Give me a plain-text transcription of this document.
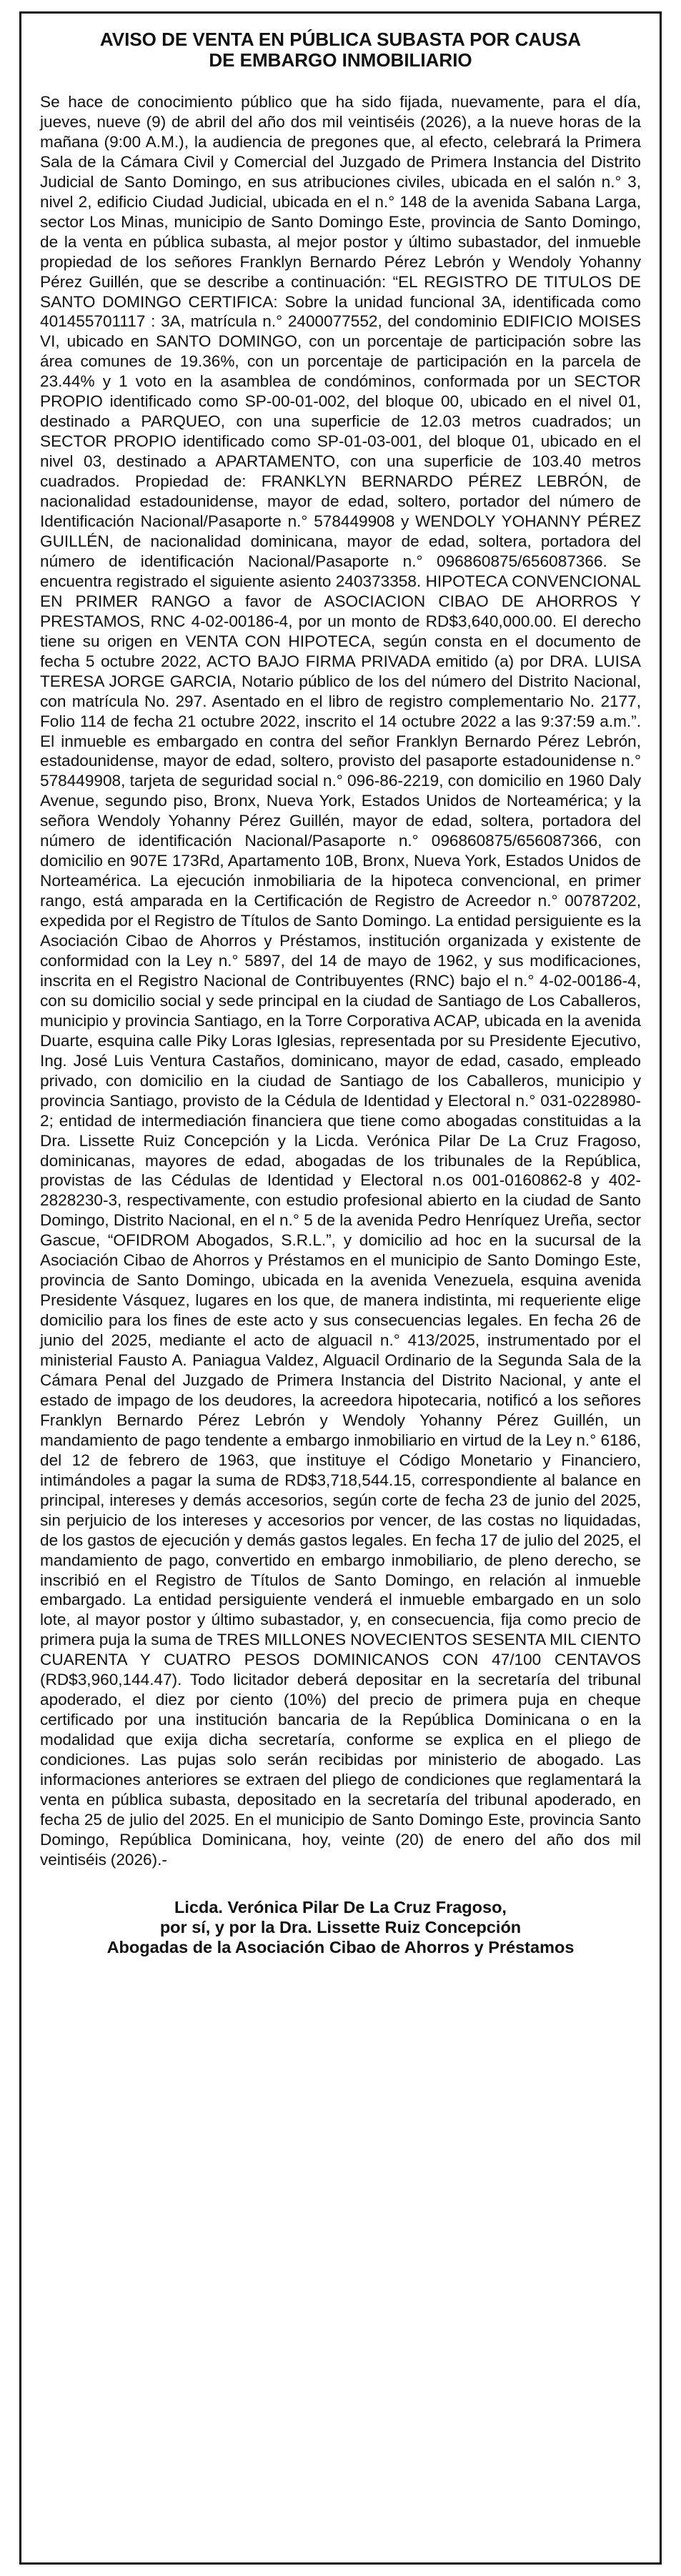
AVISO DE VENTA EN PÚBLICA SUBASTA POR CAUSA
DE EMBARGO INMOBILIARIO

Se hace de conocimiento público que ha sido fijada, nuevamente, para el día, jueves, nueve (9) de abril del año dos mil veintiséis (2026), a la nueve horas de la mañana (9:00 A.M.), la audiencia de pregones que, al efecto, celebrará la Primera Sala de la Cámara Civil y Comercial del Juzgado de Primera Instancia del Distrito Judicial de Santo Domingo, en sus atribuciones civiles, ubicada en el salón n.° 3, nivel 2, edificio Ciudad Judicial, ubicada en el n.° 148 de la avenida Sabana Larga, sector Los Minas, municipio de Santo Domingo Este, provincia de Santo Domingo, de la venta en pública subasta, al mejor postor y último subastador, del inmueble propiedad de los señores Franklyn Bernardo Pérez Lebrón y Wendoly Yohanny Pérez Guillén, que se describe a continuación: “EL REGISTRO DE TITULOS DE SANTO DOMINGO CERTIFICA: Sobre la unidad funcional 3A, identificada como 401455701117 : 3A, matrícula n.° 2400077552, del condominio EDIFICIO MOISES VI, ubicado en SANTO DOMINGO, con un porcentaje de participación sobre las área comunes de 19.36%, con un porcentaje de participación en la parcela de 23.44% y 1 voto en la asamblea de condóminos, conformada por un SECTOR PROPIO identificado como SP-00-01-002, del bloque 00, ubicado en el nivel 01, destinado a PARQUEO, con una superficie de 12.03 metros cuadrados; un SECTOR PROPIO identificado como SP-01-03-001, del bloque 01, ubicado en el nivel 03, destinado a APARTAMENTO, con una superficie de 103.40 metros cuadrados. Propiedad de: FRANKLYN BERNARDO PÉREZ LEBRÓN, de nacionalidad estadounidense, mayor de edad, soltero, portador del número de Identificación Nacional/Pasaporte n.° 578449908 y WENDOLY YOHANNY PÉREZ GUILLÉN, de nacionalidad dominicana, mayor de edad, soltera, portadora del número de identificación Nacional/Pasaporte n.° 096860875/656087366. Se encuentra registrado el siguiente asiento 240373358. HIPOTECA CONVENCIONAL EN PRIMER RANGO a favor de ASOCIACION CIBAO DE AHORROS Y PRESTAMOS, RNC 4-02-00186-4, por un monto de RD$3,640,000.00. El derecho tiene su origen en VENTA CON HIPOTECA, según consta en el documento de fecha 5 octubre 2022, ACTO BAJO FIRMA PRIVADA emitido (a) por DRA. LUISA TERESA JORGE GARCIA, Notario público de los del número del Distrito Nacional, con matrícula No. 297. Asentado en el libro de registro complementario No. 2177, Folio 114 de fecha 21 octubre 2022, inscrito el 14 octubre 2022 a las 9:37:59 a.m.”. El inmueble es embargado en contra del señor Franklyn Bernardo Pérez Lebrón, estadounidense, mayor de edad, soltero, provisto del pasaporte estadounidense n.° 578449908, tarjeta de seguridad social n.° 096-86-2219, con domicilio en 1960 Daly Avenue, segundo piso, Bronx, Nueva York, Estados Unidos de Norteamérica; y la señora Wendoly Yohanny Pérez Guillén, mayor de edad, soltera, portadora del número de identificación Nacional/Pasaporte n.° 096860875/656087366, con domicilio en 907E 173Rd, Apartamento 10B, Bronx, Nueva York, Estados Unidos de Norteamérica. La ejecución inmobiliaria de la hipoteca convencional, en primer rango, está amparada en la Certificación de Registro de Acreedor n.° 00787202, expedida por el Registro de Títulos de Santo Domingo. La entidad persiguiente es la Asociación Cibao de Ahorros y Préstamos, institución organizada y existente de conformidad con la Ley n.° 5897, del 14 de mayo de 1962, y sus modificaciones, inscrita en el Registro Nacional de Contribuyentes (RNC) bajo el n.° 4-02-00186-4, con su domicilio social y sede principal en la ciudad de Santiago de Los Caballeros, municipio y provincia Santiago, en la Torre Corporativa ACAP, ubicada en la avenida Duarte, esquina calle Piky Loras Iglesias, representada por su Presidente Ejecutivo, Ing. José Luis Ventura Castaños, dominicano, mayor de edad, casado, empleado privado, con domicilio en la ciudad de Santiago de los Caballeros, municipio y provincia Santiago, provisto de la Cédula de Identidad y Electoral n.° 031-0228980-2; entidad de intermediación financiera que tiene como abogadas constituidas a la Dra. Lissette Ruiz Concepción y la Licda. Verónica Pilar De La Cruz Fragoso, dominicanas, mayores de edad, abogadas de los tribunales de la República, provistas de las Cédulas de Identidad y Electoral n.os 001-0160862-8 y 402-2828230-3, respectivamente, con estudio profesional abierto en la ciudad de Santo Domingo, Distrito Nacional, en el n.° 5 de la avenida Pedro Henríquez Ureña, sector Gascue, “OFIDROM Abogados, S.R.L.”, y domicilio ad hoc en la sucursal de la Asociación Cibao de Ahorros y Préstamos en el municipio de Santo Domingo Este, provincia de Santo Domingo, ubicada en la avenida Venezuela, esquina avenida Presidente Vásquez, lugares en los que, de manera indistinta, mi requeriente elige domicilio para los fines de este acto y sus consecuencias legales. En fecha 26 de junio del 2025, mediante el acto de alguacil n.° 413/2025, instrumentado por el ministerial Fausto A. Paniagua Valdez, Alguacil Ordinario de la Segunda Sala de la Cámara Penal del Juzgado de Primera Instancia del Distrito Nacional, y ante el estado de impago de los deudores, la acreedora hipotecaria, notificó a los señores Franklyn Bernardo Pérez Lebrón y Wendoly Yohanny Pérez Guillén, un mandamiento de pago tendente a embargo inmobiliario en virtud de la Ley n.° 6186, del 12 de febrero de 1963, que instituye el Código Monetario y Financiero, intimándoles a pagar la suma de RD$3,718,544.15, correspondiente al balance en principal, intereses y demás accesorios, según corte de fecha 23 de junio del 2025, sin perjuicio de los intereses y accesorios por vencer, de las costas no liquidadas, de los gastos de ejecución y demás gastos legales. En fecha 17 de julio del 2025, el mandamiento de pago, convertido en embargo inmobiliario, de pleno derecho, se inscribió en el Registro de Títulos de Santo Domingo, en relación al inmueble embargado. La entidad persiguiente venderá el inmueble embargado en un solo lote, al mayor postor y último subastador, y, en consecuencia, fija como precio de primera puja la suma de TRES MILLONES NOVECIENTOS SESENTA MIL CIENTO CUARENTA Y CUATRO PESOS DOMINICANOS CON 47/100 CENTAVOS (RD$3,960,144.47). Todo licitador deberá depositar en la secretaría del tribunal apoderado, el diez por ciento (10%) del precio de primera puja en cheque certificado por una institución bancaria de la República Dominicana o en la modalidad que exija dicha secretaría, conforme se explica en el pliego de condiciones. Las pujas solo serán recibidas por ministerio de abogado. Las informaciones anteriores se extraen del pliego de condiciones que reglamentará la venta en pública subasta, depositado en la secretaría del tribunal apoderado, en fecha 25 de julio del 2025. En el municipio de Santo Domingo Este, provincia Santo Domingo, República Dominicana, hoy, veinte (20) de enero del año dos mil veintiséis (2026).-

Licda. Verónica Pilar De La Cruz Fragoso,
por sí, y por la Dra. Lissette Ruiz Concepción
Abogadas de la Asociación Cibao de Ahorros y Préstamos
